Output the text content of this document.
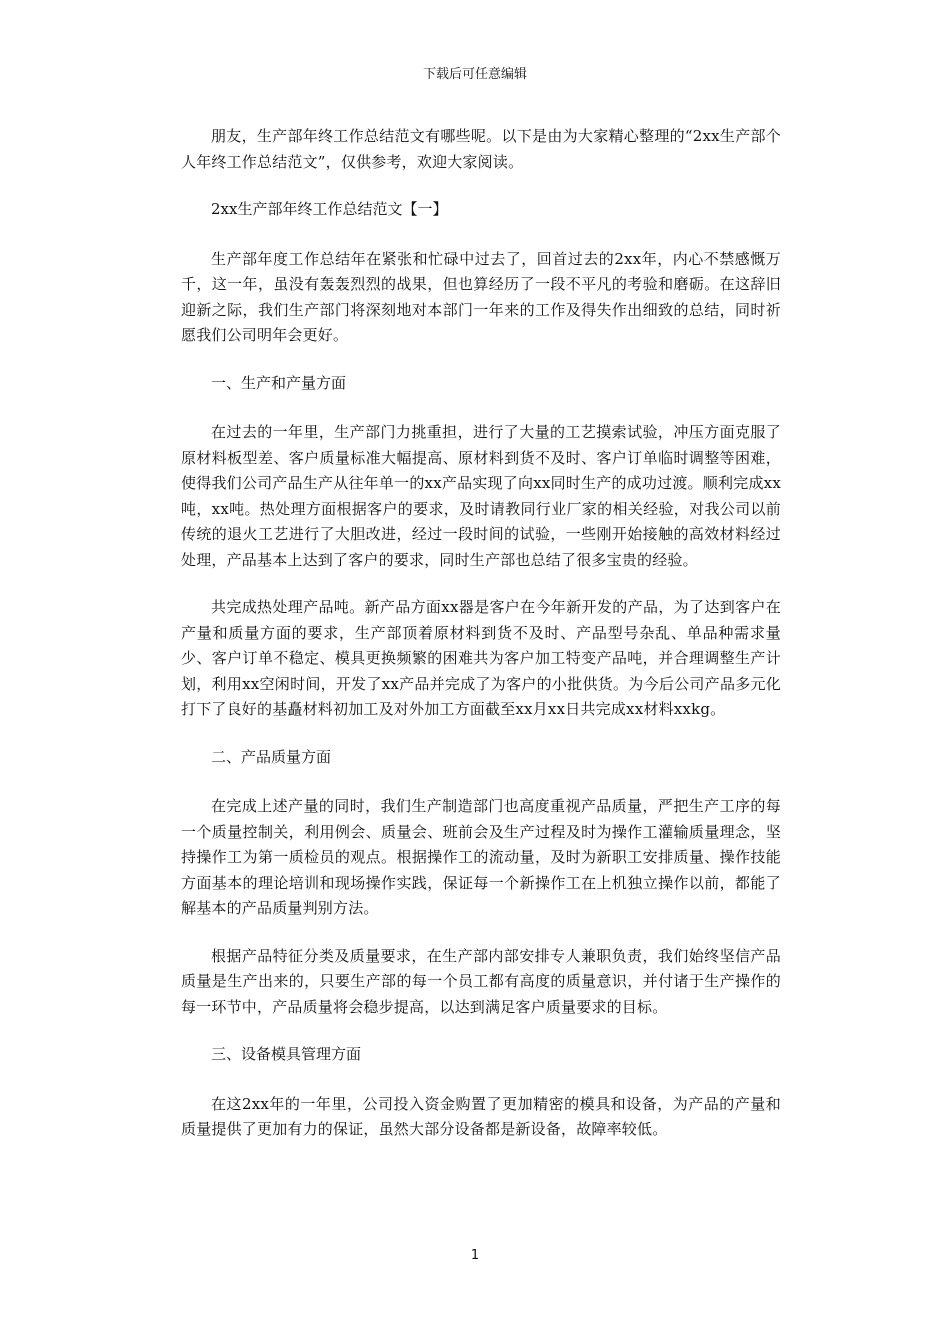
下载后可任意编辑

朋友，生产部年终工作总结范文有哪些呢。以下是由为大家精心整理的“2xx生产部个人年终工作总结范文”，仅供参考，欢迎大家阅读。

2xx生产部年终工作总结范文【一】

生产部年度工作总结年在紧张和忙碌中过去了，回首过去的2xx年，内心不禁感慨万千，这一年，虽没有轰轰烈烈的战果，但也算经历了一段不平凡的考验和磨砺。在这辞旧迎新之际，我们生产部门将深刻地对本部门一年来的工作及得失作出细致的总结，同时祈愿我们公司明年会更好。

一、生产和产量方面

在过去的一年里，生产部门力挑重担，进行了大量的工艺摸索试验，冲压方面克服了原材料板型差、客户质量标准大幅提高、原材料到货不及时、客户订单临时调整等困难，使得我们公司产品生产从往年单一的xx产品实现了向xx同时生产的成功过渡。顺利完成xx吨，xx吨。热处理方面根据客户的要求，及时请教同行业厂家的相关经验，对我公司以前传统的退火工艺进行了大胆改进，经过一段时间的试验，一些刚开始接触的高效材料经过处理，产品基本上达到了客户的要求，同时生产部也总结了很多宝贵的经验。

共完成热处理产品吨。新产品方面xx器是客户在今年新开发的产品，为了达到客户在产量和质量方面的要求，生产部顶着原材料到货不及时、产品型号杂乱、单品种需求量少、客户订单不稳定、模具更换频繁的困难共为客户加工特变产品吨，并合理调整生产计划，利用xx空闲时间，开发了xx产品并完成了为客户的小批供货。为今后公司产品多元化打下了良好的基矗材料初加工及对外加工方面截至xx月xx日共完成xx材料xxkg。

二、产品质量方面

在完成上述产量的同时，我们生产制造部门也高度重视产品质量，严把生产工序的每一个质量控制关，利用例会、质量会、班前会及生产过程及时为操作工灌输质量理念，坚持操作工为第一质检员的观点。根据操作工的流动量，及时为新职工安排质量、操作技能方面基本的理论培训和现场操作实践，保证每一个新操作工在上机独立操作以前，都能了解基本的产品质量判别方法。

根据产品特征分类及质量要求，在生产部内部安排专人兼职负责，我们始终坚信产品质量是生产出来的，只要生产部的每一个员工都有高度的质量意识，并付诸于生产操作的每一环节中，产品质量将会稳步提高，以达到满足客户质量要求的目标。

三、设备模具管理方面

在这2xx年的一年里，公司投入资金购置了更加精密的模具和设备，为产品的产量和质量提供了更加有力的保证，虽然大部分设备都是新设备，故障率较低。

1
